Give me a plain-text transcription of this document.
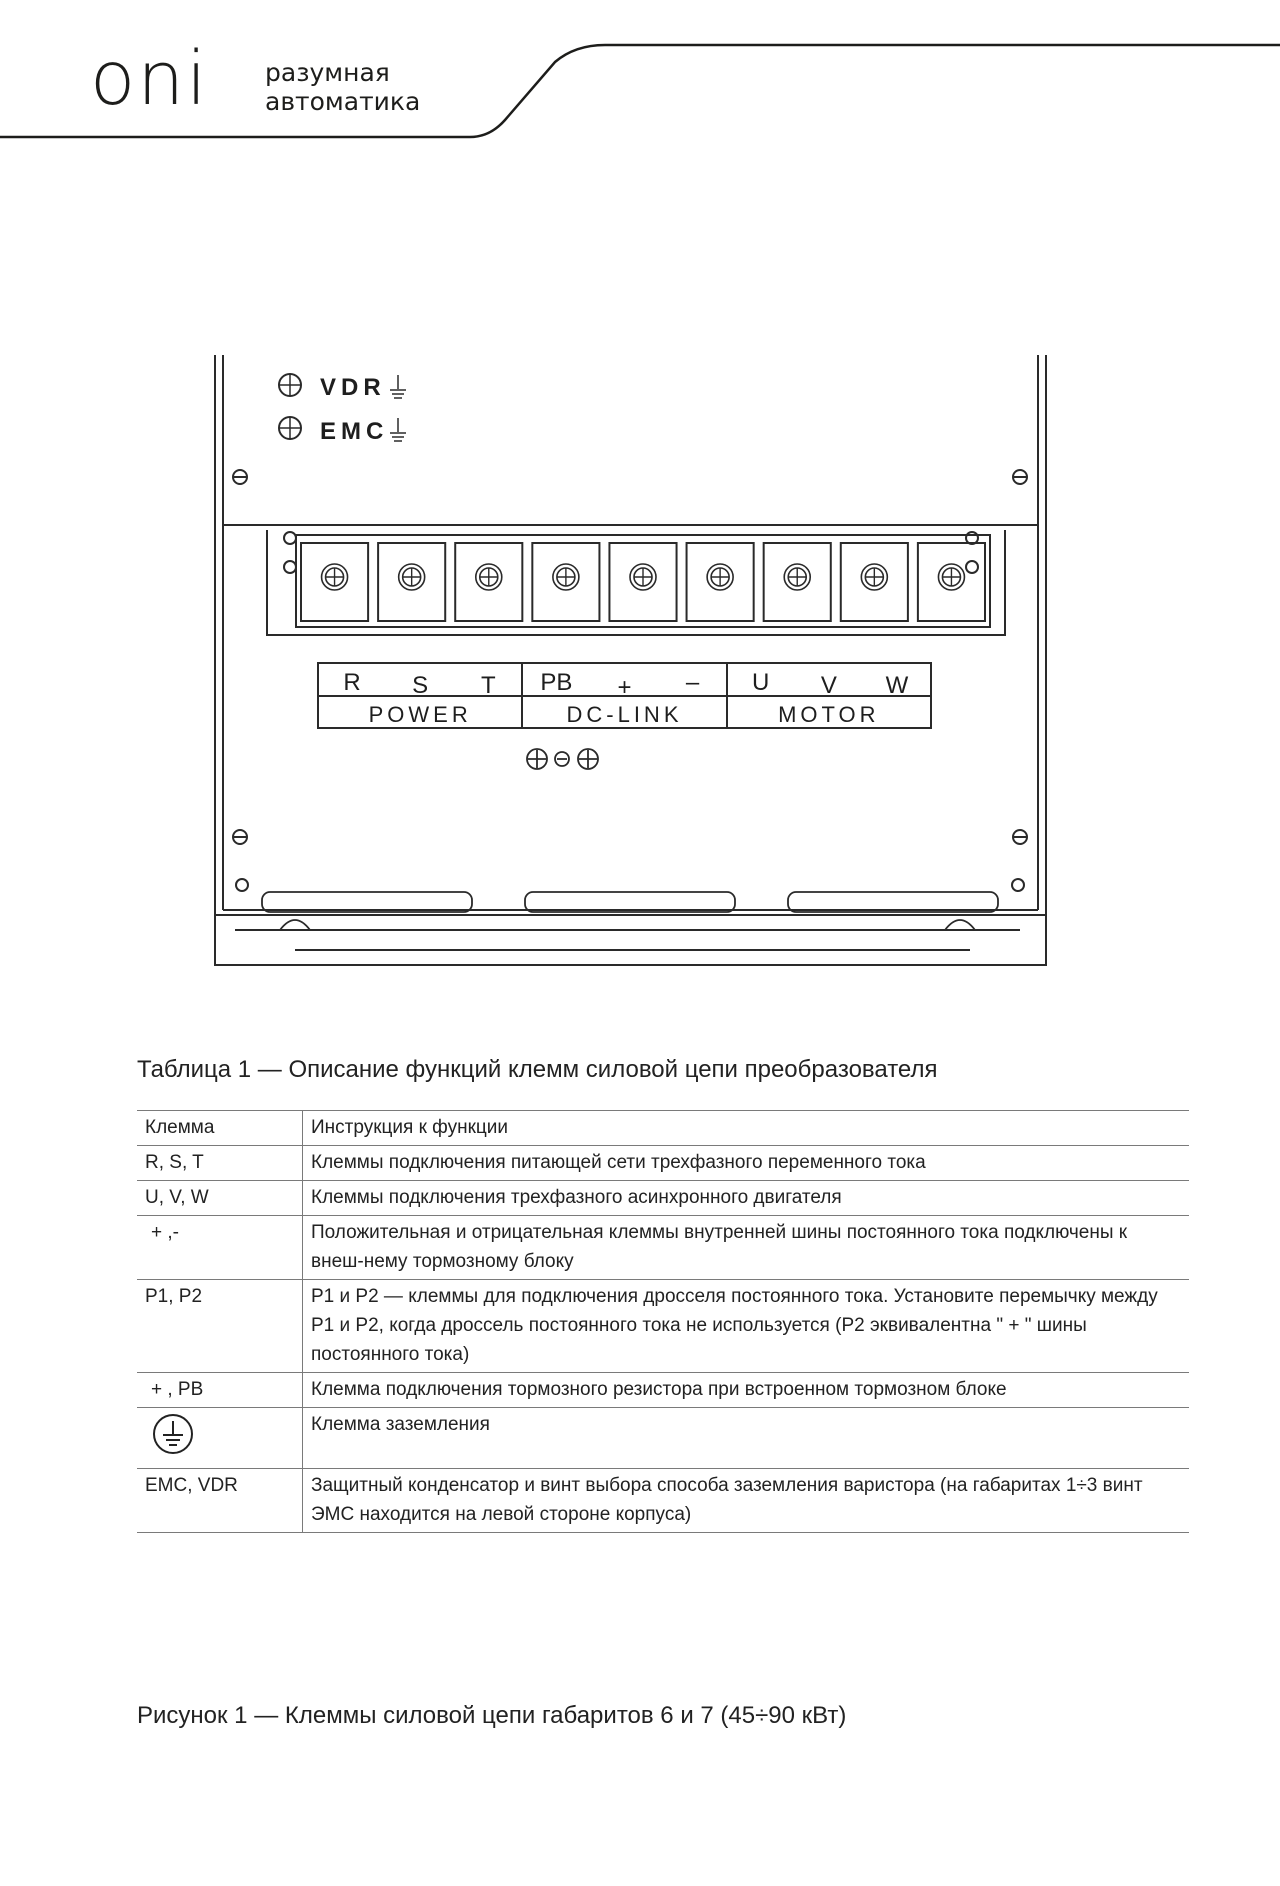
oni разумная
автоматика
VDR
EMC
R S T PB + – U V W
POWER	DC-LINK	MOTOR
Таблица 1 — Описание функций клемм силовой цепи преобразователя
Клемма	Инструкция к функции
R, S, T	Клеммы подключения питающей сети трехфазного переменного тока
U, V, W	Клеммы подключения трехфазного асинхронного двигателя
+ ,-	Положительная и отрицательная клеммы внутренней шины постоянного тока подключены к внеш-нему тормозному блоку
P1, P2	P1 и P2 — клеммы для подключения дросселя постоянного тока. Установите перемычку между P1 и P2, когда дроссель постоянного тока не используется (P2 эквивалентна " + " шины постоянного тока)
+ , PB	Клемма подключения тормозного резистора при встроенном тормозном блоке
	Клемма заземления
EMC, VDR	Защитный конденсатор и винт выбора способа заземления варистора (на габаритах 1÷3 винт ЭМС находится на левой стороне корпуса)
Рисунок 1 — Клеммы силовой цепи габаритов 6 и 7 (45÷90 кВт)
